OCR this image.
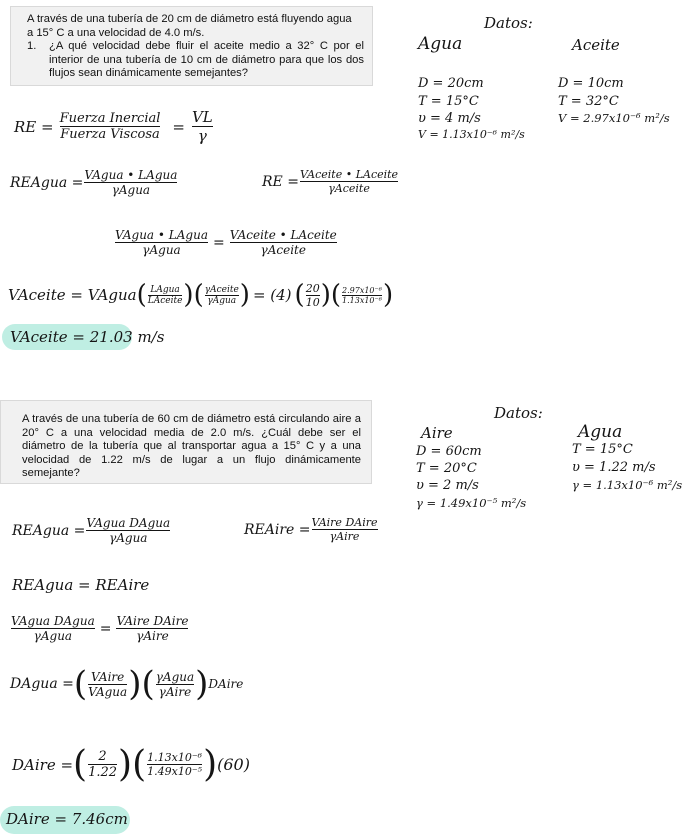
A través de una tubería de 20 cm de diámetro está fluyendo agua
a 15° C a una velocidad de 4.0 m/s.
1.	¿A qué velocidad debe fluir el aceite medio a 32° C por el interior de una tubería de 10 cm de diámetro para que los dos flujos sean dinámicamente semejantes?
Datos:
Agua	Aceite
D = 20cm
T = 15°C
υ = 4 m/s
V = 1.13x10⁻⁶ m²/s
D = 10cm
T = 32°C
V = 2.97x10⁻⁶ m²/s
RE = Fuerza Inercial
Fuerza Viscosa =
VL
γ
REAgua = VAgua • LAgua
γAgua
RE = VAceite • LAceite
γAceite
VAgua • LAgua
γAgua = VAceite • LAceite
γAceite
VAceite = VAgua ( LAgua
LAceite )( γAceite
γAgua ) = (4) ( 20
10 )( 2.97x10⁻⁶
1.13x10⁻⁶ )
VAceite = 21.03 m/s
A través de una tubería de 60 cm de diámetro está circulando aire a 20° C a una velocidad media de 2.0 m/s. ¿Cuál debe ser el diámetro de la tubería que al transportar agua a 15° C y a una velocidad de 1.22 m/s de lugar a un flujo dinámicamente semejante?
Datos:
Aire	Agua
D = 60cm
T = 20°C
υ = 2 m/s
γ = 1.49x10⁻⁵ m²/s
T = 15°C
υ = 1.22 m/s
γ = 1.13x10⁻⁶ m²/s
REAgua = VAgua DAgua
γAgua
REAire = VAire DAire
γAire
REAgua = REAire
VAgua DAgua
γAgua = VAire DAire
γAire
DAgua = ( VAire
VAgua )( γAgua
γAire ) DAire
DAire = ( 2
1.22 )( 1.13x10⁻⁶
1.49x10⁻⁵ ) (60)
DAire = 7.46cm
